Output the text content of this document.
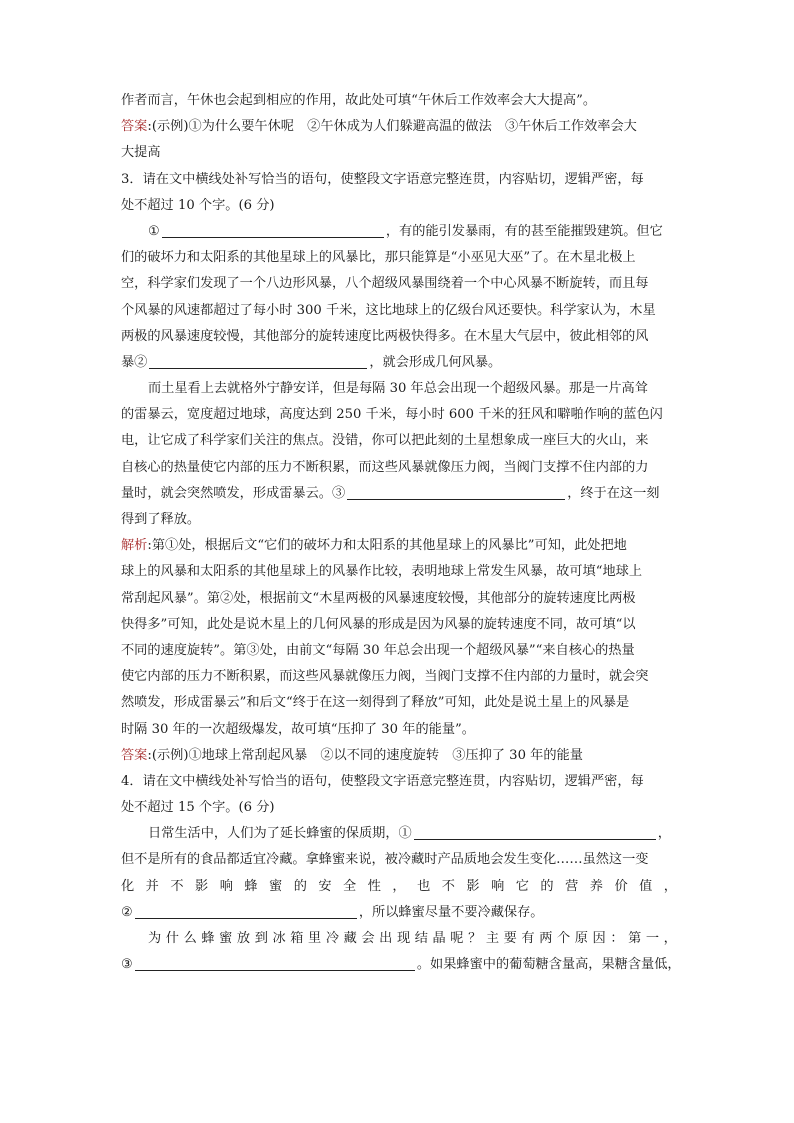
作者而言，午休也会起到相应的作用，故此处可填“午休后工作效率会大大提高”。
答案:(示例)①为什么要午休呢　②午休成为人们躲避高温的做法　③午休后工作效率会大
大提高
3．请在文中横线处补写恰当的语句，使整段文字语意完整连贯，内容贴切，逻辑严密，每
处不超过 10 个字。(6 分)
①	，有的能引发暴雨，有的甚至能摧毁建筑。但它
们的破坏力和太阳系的其他星球上的风暴比，那只能算是“小巫见大巫”了。在木星北极上
空，科学家们发现了一个八边形风暴，八个超级风暴围绕着一个中心风暴不断旋转，而且每
个风暴的风速都超过了每小时 300 千米，这比地球上的亿级台风还要快。科学家认为，木星
两极的风暴速度较慢，其他部分的旋转速度比两极快得多。在木星大气层中，彼此相邻的风
暴②	，就会形成几何风暴。
而土星看上去就格外宁静安详，但是每隔 30 年总会出现一个超级风暴。那是一片高耸
的雷暴云，宽度超过地球，高度达到 250 千米，每小时 600 千米的狂风和噼啪作响的蓝色闪
电，让它成了科学家们关注的焦点。没错，你可以把此刻的土星想象成一座巨大的火山，来
自核心的热量使它内部的压力不断积累，而这些风暴就像压力阀，当阀门支撑不住内部的力
量时，就会突然喷发，形成雷暴云。③	，终于在这一刻
得到了释放。
解析:第①处，根据后文“它们的破坏力和太阳系的其他星球上的风暴比”可知，此处把地
球上的风暴和太阳系的其他星球上的风暴作比较，表明地球上常发生风暴，故可填“地球上
常刮起风暴”。第②处，根据前文“木星两极的风暴速度较慢，其他部分的旋转速度比两极
快得多”可知，此处是说木星上的几何风暴的形成是因为风暴的旋转速度不同，故可填“以
不同的速度旋转”。第③处，由前文“每隔 30 年总会出现一个超级风暴”“来自核心的热量
使它内部的压力不断积累，而这些风暴就像压力阀，当阀门支撑不住内部的力量时，就会突
然喷发，形成雷暴云”和后文“终于在这一刻得到了释放”可知，此处是说土星上的风暴是
时隔 30 年的一次超级爆发，故可填“压抑了 30 年的能量”。
答案:(示例)①地球上常刮起风暴　②以不同的速度旋转　③压抑了 30 年的能量
4．请在文中横线处补写恰当的语句，使整段文字语意完整连贯，内容贴切，逻辑严密，每
处不超过 15 个字。(6 分)
日常生活中，人们为了延长蜂蜜的保质期，①	，
但不是所有的食品都适宜冷藏。拿蜂蜜来说，被冷藏时产品质地会发生变化……虽然这一变
化 并 不 影 响 蜂 蜜 的 安 全 性 ， 也 不 影 响 它 的 营 养 价 值 ，
②	，所以蜂蜜尽量不要冷藏保存。
为 什 么 蜂 蜜 放 到 冰 箱 里 冷 藏 会 出 现 结 晶 呢 ？ 主 要 有 两 个 原 因 ： 第 一 ，
③	。如果蜂蜜中的葡萄糖含量高，果糖含量低，
